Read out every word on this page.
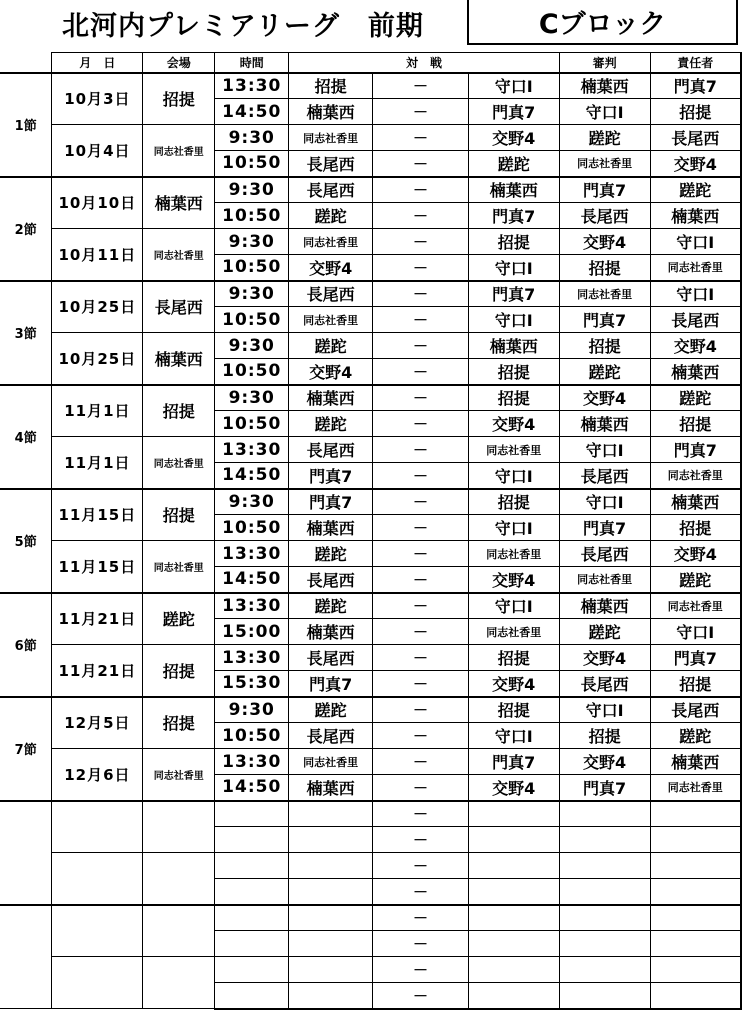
北河内プレミアリーグ　前期	Cブロック
	月　日	会場	時間	対　戦			審判	責任者
1節	10月3日	招提	13:30	招提	－	守口Ⅰ	楠葉西	門真7
			14:50	楠葉西	－	門真7	守口Ⅰ	招提
	10月4日	同志社香里	9:30	同志社香里	－	交野4	蹉跎	長尾西
			10:50	長尾西	－	蹉跎	同志社香里	交野4
2節	10月10日	楠葉西	9:30	長尾西	－	楠葉西	門真7	蹉跎
			10:50	蹉跎	－	門真7	長尾西	楠葉西
	10月11日	同志社香里	9:30	同志社香里	－	招提	交野4	守口Ⅰ
			10:50	交野4	－	守口Ⅰ	招提	同志社香里
3節	10月25日	長尾西	9:30	長尾西	－	門真7	同志社香里	守口Ⅰ
			10:50	同志社香里	－	守口Ⅰ	門真7	長尾西
	10月25日	楠葉西	9:30	蹉跎	－	楠葉西	招提	交野4
			10:50	交野4	－	招提	蹉跎	楠葉西
4節	11月1日	招提	9:30	楠葉西	－	招提	交野4	蹉跎
			10:50	蹉跎	－	交野4	楠葉西	招提
	11月1日	同志社香里	13:30	長尾西	－	同志社香里	守口Ⅰ	門真7
			14:50	門真7	－	守口Ⅰ	長尾西	同志社香里
5節	11月15日	招提	9:30	門真7	－	招提	守口Ⅰ	楠葉西
			10:50	楠葉西	－	守口Ⅰ	門真7	招提
	11月15日	同志社香里	13:30	蹉跎	－	同志社香里	長尾西	交野4
			14:50	長尾西	－	交野4	同志社香里	蹉跎
6節	11月21日	蹉跎	13:30	蹉跎	－	守口Ⅰ	楠葉西	同志社香里
			15:00	楠葉西	－	同志社香里	蹉跎	守口Ⅰ
	11月21日	招提	13:30	長尾西	－	招提	交野4	門真7
			15:30	門真7	－	交野4	長尾西	招提
7節	12月5日	招提	9:30	蹉跎	－	招提	守口Ⅰ	長尾西
			10:50	長尾西	－	守口Ⅰ	招提	蹉跎
	12月6日	同志社香里	13:30	同志社香里	－	門真7	交野4	楠葉西
			14:50	楠葉西	－	交野4	門真7	同志社香里
					－			
					－			
					－			
					－			
					－			
					－			
					－			
					－			
